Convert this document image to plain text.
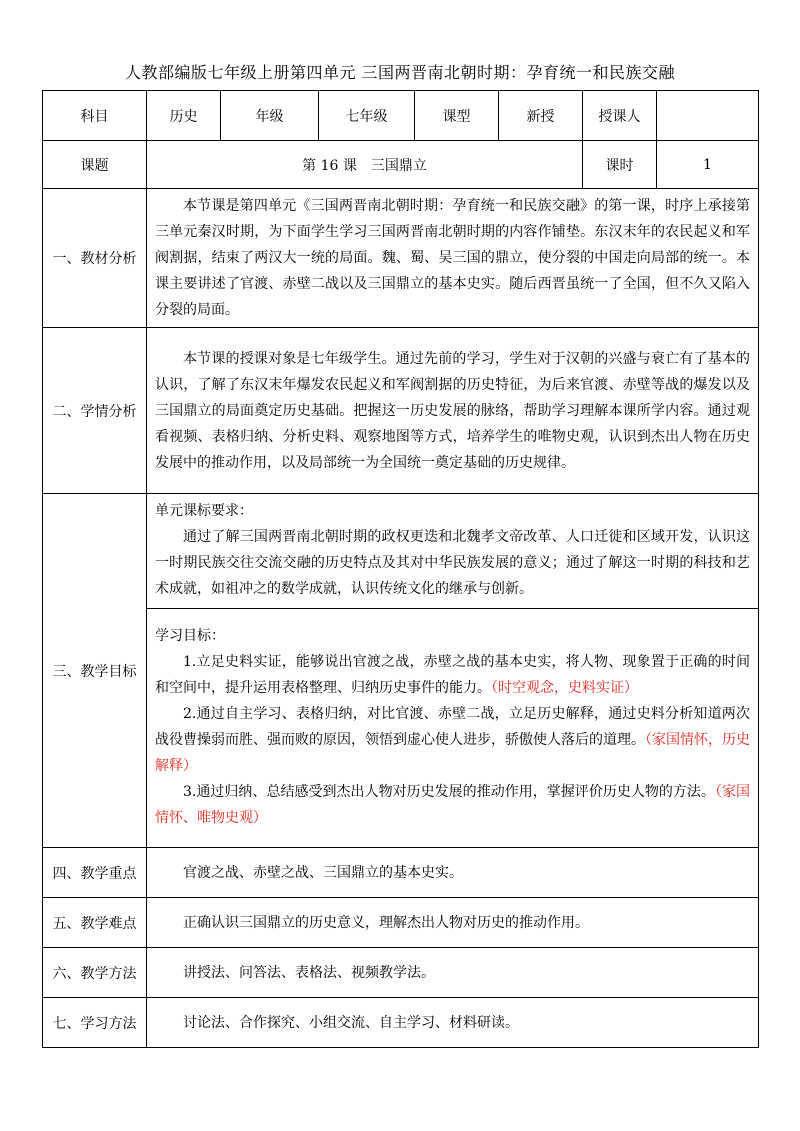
人教部编版七年级上册第四单元 三国两晋南北朝时期：孕育统一和民族交融
科目	历史	年级	七年级	课型	新授	授课人	
课题	第 16 课　三国鼎立					课时	1
一、教材分析	本节课是第四单元《三国两晋南北朝时期：孕育统一和民族交融》的第一课，时序上承接第三单元秦汉时期，为下面学生学习三国两晋南北朝时期的内容作铺垫。东汉末年的农民起义和军阀割据，结束了两汉大一统的局面。魏、蜀、吴三国的鼎立，使分裂的中国走向局部的统一。本课主要讲述了官渡、赤壁二战以及三国鼎立的基本史实。随后西晋虽统一了全国，但不久又陷入分裂的局面。						

二、学情分析	本节课的授课对象是七年级学生。通过先前的学习，学生对于汉朝的兴盛与衰亡有了基本的认识，了解了东汉末年爆发农民起义和军阀割据的历史特征，为后来官渡、赤壁等战的爆发以及三国鼎立的局面奠定历史基础。把握这一历史发展的脉络，帮助学习理解本课所学内容。通过观看视频、表格归纳、分析史料、观察地图等方式，培养学生的唯物史观，认识到杰出人物在历史发展中的推动作用，以及局部统一为全国统一奠定基础的历史规律。						

三、教学目标	单元课标要求：
通过了解三国两晋南北朝时期的政权更迭和北魏孝文帝改革、人口迁徙和区域开发，认识这一时期民族交往交流交融的历史特点及其对中华民族发展的意义；通过了解这一时期的科技和艺术成就，如祖冲之的数学成就，认识传统文化的继承与创新。						

	学习目标：
1.立足史料实证，能够说出官渡之战，赤壁之战的基本史实，将人物、现象置于正确的时间和空间中，提升运用表格整理、归纳历史事件的能力。（时空观念，史料实证）
2.通过自主学习、表格归纳，对比官渡、赤壁二战，立足历史解释，通过史料分析知道两次战役曹操弱而胜、强而败的原因，领悟到虚心使人进步，骄傲使人落后的道理。（家国情怀，历史解释）
3.通过归纳、总结感受到杰出人物对历史发展的推动作用，掌握评价历史人物的方法。（家国情怀、唯物史观）						

四、教学重点	官渡之战、赤壁之战、三国鼎立的基本史实。						

五、教学难点	正确认识三国鼎立的历史意义，理解杰出人物对历史的推动作用。						

六、教学方法	讲授法、问答法、表格法、视频教学法。						

七、学习方法	讨论法、合作探究、小组交流、自主学习、材料研读。						
